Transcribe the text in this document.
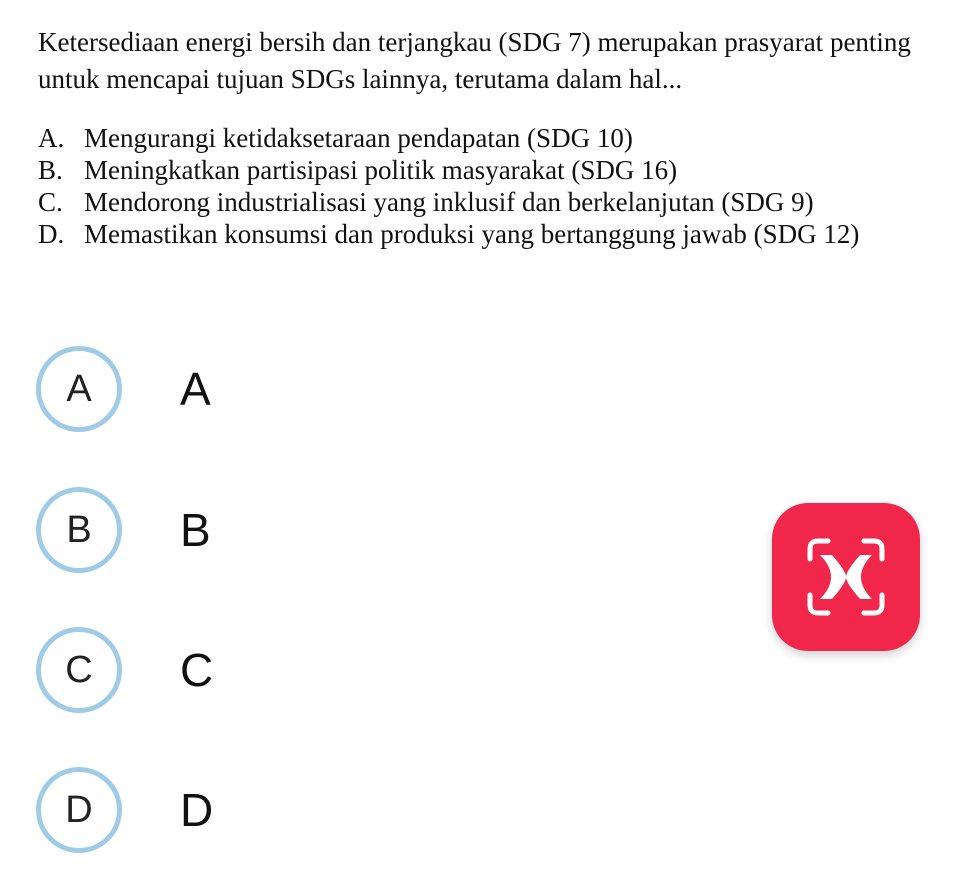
Ketersediaan energi bersih dan terjangkau (SDG 7) merupakan prasyarat penting
untuk mencapai tujuan SDGs lainnya, terutama dalam hal...
A. Mengurangi ketidaksetaraan pendapatan (SDG 10)
B. Meningkatkan partisipasi politik masyarakat (SDG 16)
C. Mendorong industrialisasi yang inklusif dan berkelanjutan (SDG 9)
D. Memastikan konsumsi dan produksi yang bertanggung jawab (SDG 12)
A	A
B	B
C	C
D	D
